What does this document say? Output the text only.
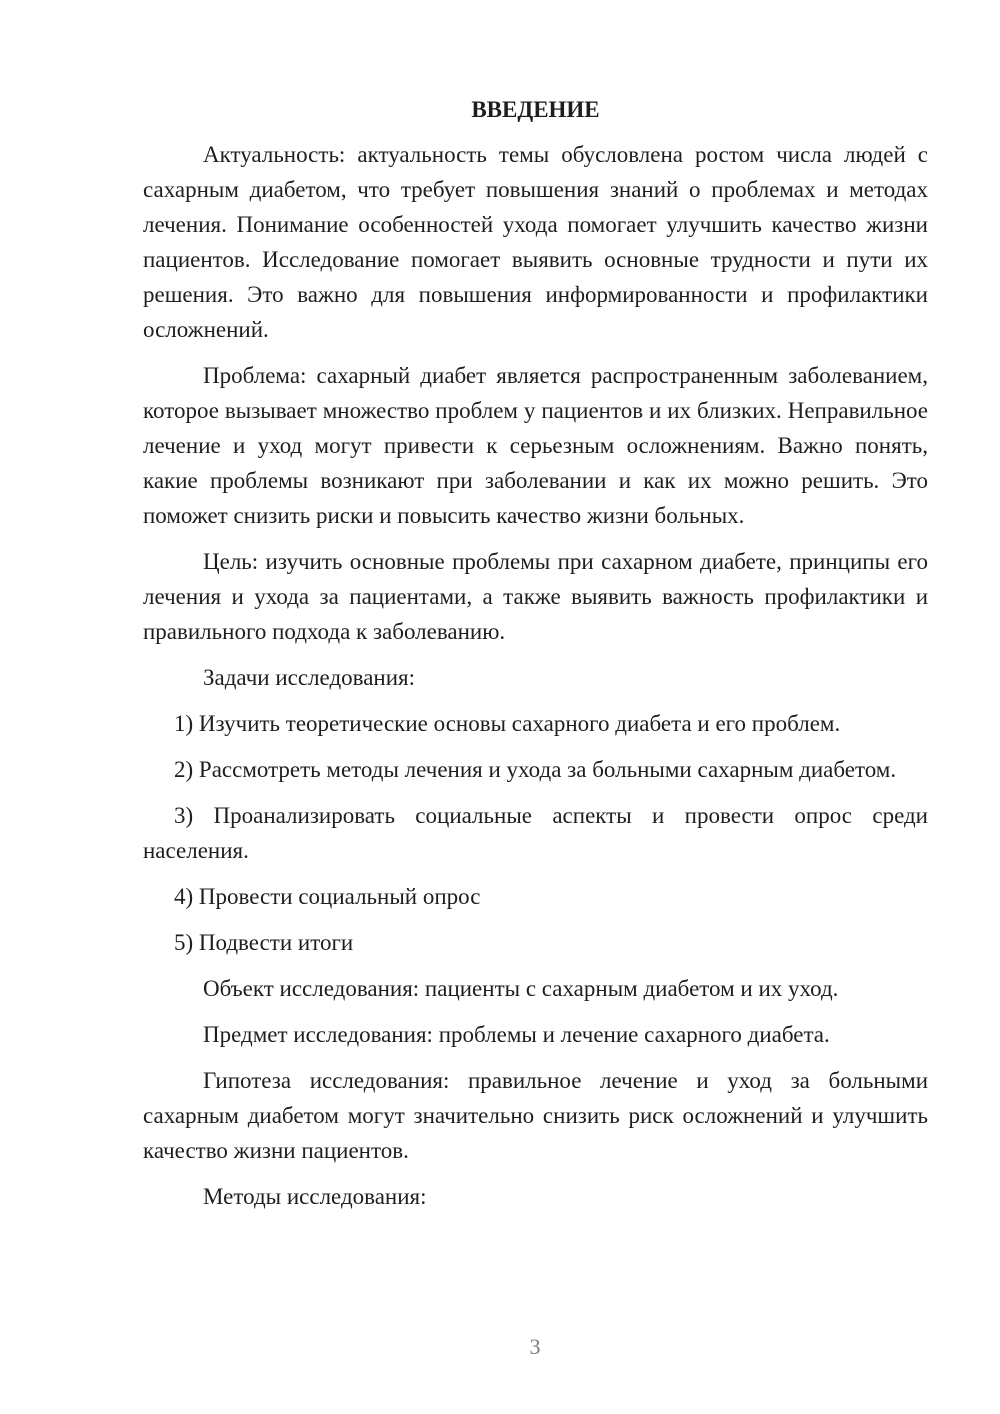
ВВЕДЕНИЕ

Актуальность: актуальность темы обусловлена ростом числа людей с сахарным диабетом, что требует повышения знаний о проблемах и методах лечения. Понимание особенностей ухода помогает улучшить качество жизни пациентов. Исследование помогает выявить основные трудности и пути их решения. Это важно для повышения информированности и профилактики осложнений.

Проблема: сахарный диабет является распространенным заболеванием, которое вызывает множество проблем у пациентов и их близких. Неправильное лечение и уход могут привести к серьезным осложнениям. Важно понять, какие проблемы возникают при заболевании и как их можно решить. Это поможет снизить риски и повысить качество жизни больных.

Цель: изучить основные проблемы при сахарном диабете, принципы его лечения и ухода за пациентами, а также выявить важность профилактики и правильного подхода к заболеванию.

Задачи исследования:

1) Изучить теоретические основы сахарного диабета и его проблем.

2) Рассмотреть методы лечения и ухода за больными сахарным диабетом.

3) Проанализировать социальные аспекты и провести опрос среди населения.

4) Провести социальный опрос

5) Подвести итоги

Объект исследования: пациенты с сахарным диабетом и их уход.

Предмет исследования: проблемы и лечение сахарного диабета.

Гипотеза исследования: правильное лечение и уход за больными сахарным диабетом могут значительно снизить риск осложнений и улучшить качество жизни пациентов.

Методы исследования:

3
